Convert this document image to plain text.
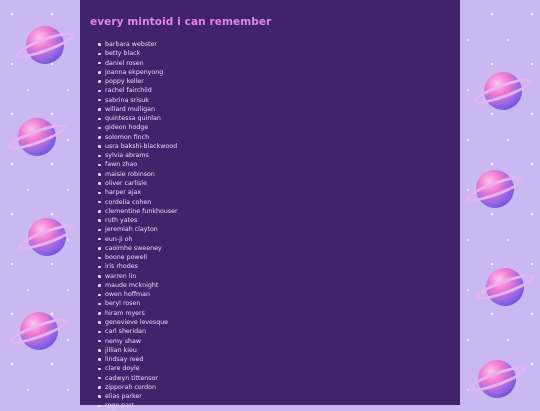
every mintoid i can remember
barbara webster
betty black
daniel rosen
joanna ekpenyong
poppy keller
rachel fairchild
sabrina srisuk
willard mulligan
quintessa quinlan
gideon hodge
solomon finch
usra bakshi-blackwood
sylvia abrams
fawn zhao
maisie robinson
oliver carlisle
harper ajax
cordelia cohen
clementine funkhouser
ruth yates
jeremiah clayton
eun-ji oh
caoimhe sweeney
boone powell
iris rhodes
warren lin
maude mcknight
owen hoffman
beryl rosen
hiram myers
genevieve levesque
carl sheridan
nemy shaw
jillian kieu
lindsay reed
clare doyle
cadwyn tittensor
zipporah cordon
elias parker
rogo parr
